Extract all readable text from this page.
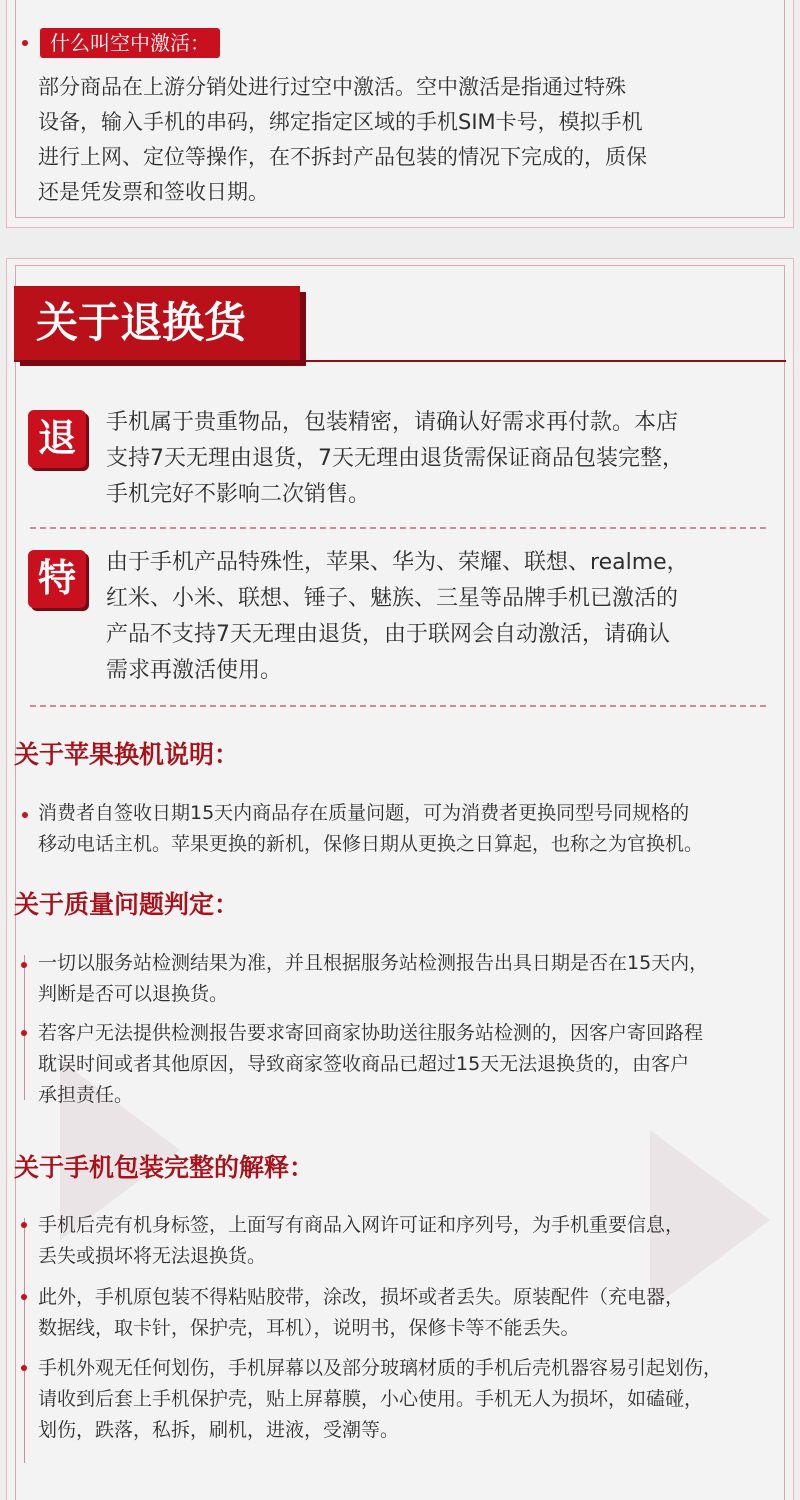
什么叫空中激活：
部分商品在上游分销处进行过空中激活。空中激活是指通过特殊
设备，输入手机的串码，绑定指定区域的手机SIM卡号，模拟手机
进行上网、定位等操作，在不拆封产品包装的情况下完成的，质保
还是凭发票和签收日期。
关于退换货
退	手机属于贵重物品，包装精密，请确认好需求再付款。本店
支持7天无理由退货，7天无理由退货需保证商品包装完整，
手机完好不影响二次销售。
特	由于手机产品特殊性，苹果、华为、荣耀、联想、realme，
红米、小米、联想、锤子、魅族、三星等品牌手机已激活的
产品不支持7天无理由退货，由于联网会自动激活，请确认
需求再激活使用。
关于苹果换机说明：
消费者自签收日期15天内商品存在质量问题，可为消费者更换同型号同规格的
移动电话主机。苹果更换的新机，保修日期从更换之日算起，也称之为官换机。
关于质量问题判定：
一切以服务站检测结果为准，并且根据服务站检测报告出具日期是否在15天内，
判断是否可以退换货。
若客户无法提供检测报告要求寄回商家协助送往服务站检测的，因客户寄回路程
耽误时间或者其他原因，导致商家签收商品已超过15天无法退换货的，由客户
承担责任。
关于手机包装完整的解释：
手机后壳有机身标签，上面写有商品入网许可证和序列号，为手机重要信息，
丢失或损坏将无法退换货。
此外，手机原包装不得粘贴胶带，涂改，损坏或者丢失。原装配件（充电器，
数据线，取卡针，保护壳，耳机），说明书，保修卡等不能丢失。
手机外观无任何划伤，手机屏幕以及部分玻璃材质的手机后壳机器容易引起划伤，
请收到后套上手机保护壳，贴上屏幕膜，小心使用。手机无人为损坏，如磕碰，
划伤，跌落，私拆，刷机，进液，受潮等。
